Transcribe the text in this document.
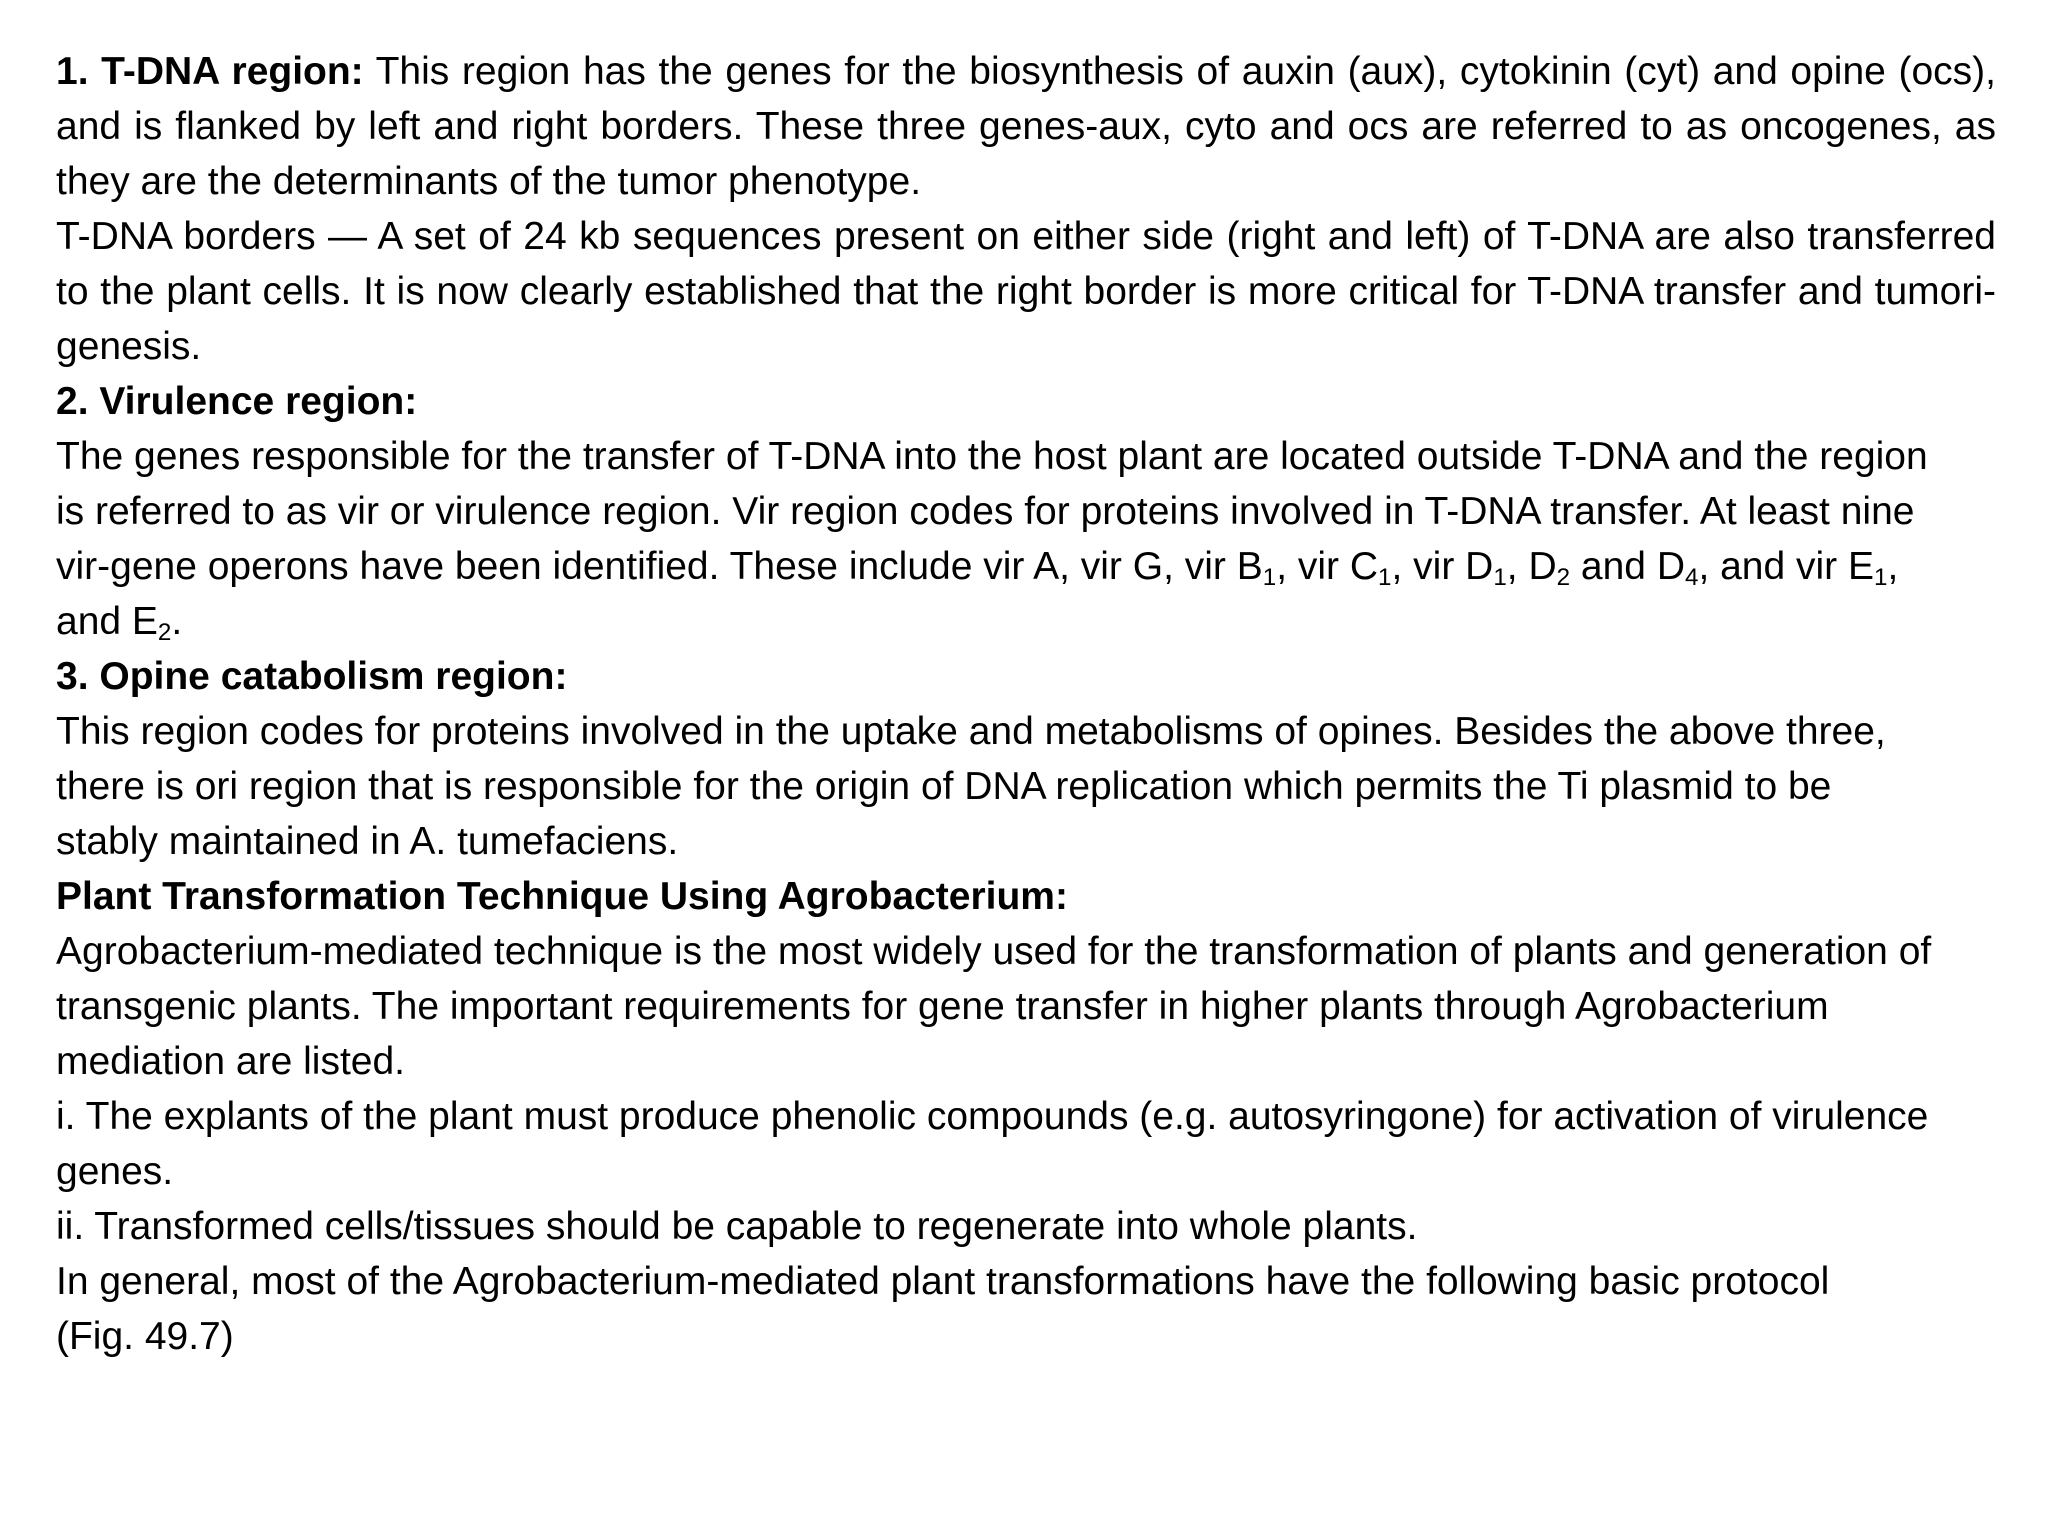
1. T-DNA region: This region has the genes for the biosynthesis of auxin (aux), cytokinin (cyt) and opine (ocs), and is flanked by left and right borders. These three genes-aux, cyto and ocs are referred to as oncogenes, as they are the determinants of the tumor phenotype.

T-DNA borders — A set of 24 kb sequences present on either side (right and left) of T-DNA are also transferred to the plant cells. It is now clearly established that the right border is more critical for T-DNA transfer and tumori-genesis.

2. Virulence region:

The genes responsible for the transfer of T-DNA into the host plant are located outside T-DNA and the region is referred to as vir or virulence region. Vir region codes for proteins involved in T-DNA transfer. At least nine vir-gene operons have been identified. These include vir A, vir G, vir $B_1$, vir $C_1$, vir $D_1$, $D_2$ and $D_4$, and vir $E_1$, and $E_2$.

3. Opine catabolism region:

This region codes for proteins involved in the uptake and metabolisms of opines. Besides the above three, there is ori region that is responsible for the origin of DNA replication which permits the Ti plasmid to be stably maintained in A. tumefaciens.

Plant Transformation Technique Using Agrobacterium:

Agrobacterium-mediated technique is the most widely used for the transformation of plants and generation of transgenic plants. The important requirements for gene transfer in higher plants through Agrobacterium mediation are listed.

i. The explants of the plant must produce phenolic compounds (e.g. autosyringone) for activation of virulence genes.

ii. Transformed cells/tissues should be capable to regenerate into whole plants.

In general, most of the Agrobacterium-mediated plant transformations have the following basic protocol (Fig. 49.7)
